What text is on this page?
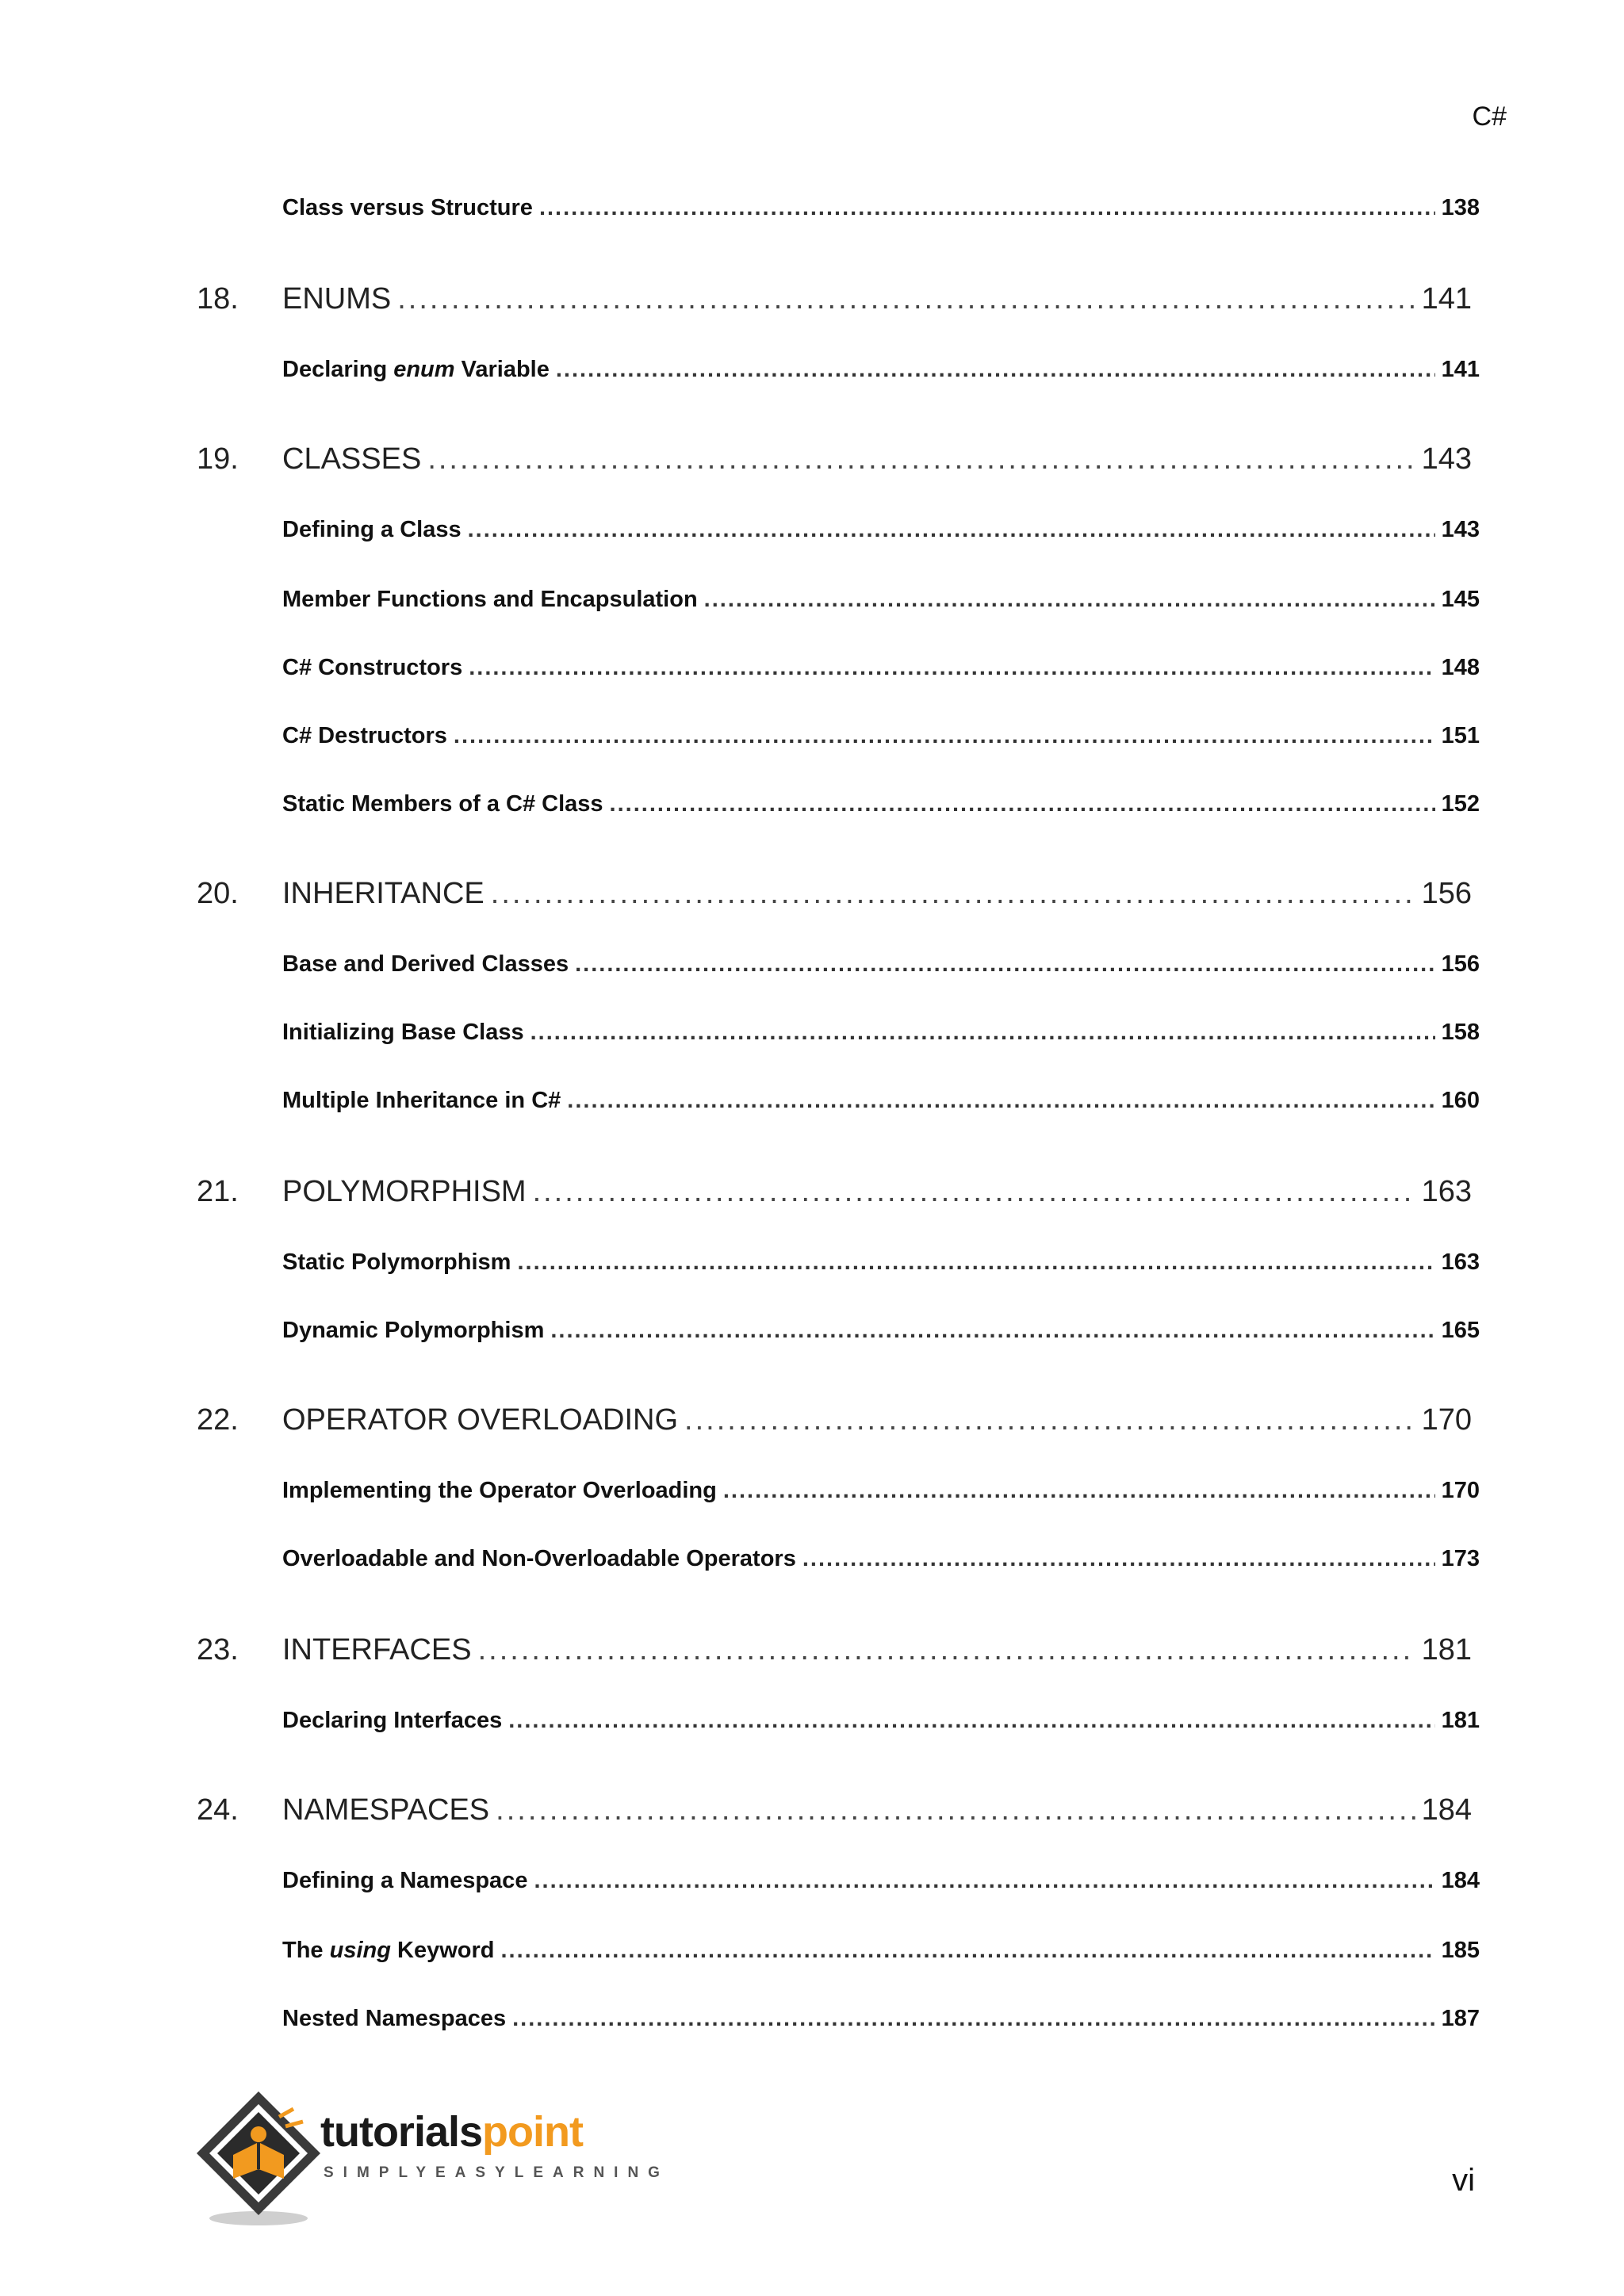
C#
Class versus Structure .....	138
18.	ENUMS .....	141
Declaring enum Variable .....	141
19.	CLASSES .....	143
Defining a Class .....	143
Member Functions and Encapsulation .....	145
C# Constructors .....	148
C# Destructors .....	151
Static Members of a C# Class .....	152
20.	INHERITANCE .....	156
Base and Derived Classes .....	156
Initializing Base Class .....	158
Multiple Inheritance in C# .....	160
21.	POLYMORPHISM .....	163
Static Polymorphism .....	163
Dynamic Polymorphism .....	165
22.	OPERATOR OVERLOADING .....	170
Implementing the Operator Overloading .....	170
Overloadable and Non-Overloadable Operators .....	173
23.	INTERFACES .....	181
Declaring Interfaces .....	181
24.	NAMESPACES .....	184
Defining a Namespace .....	184
The using Keyword .....	185
Nested Namespaces .....	187
tutorialspoint
SIMPLYEASYLEARNING	vi
